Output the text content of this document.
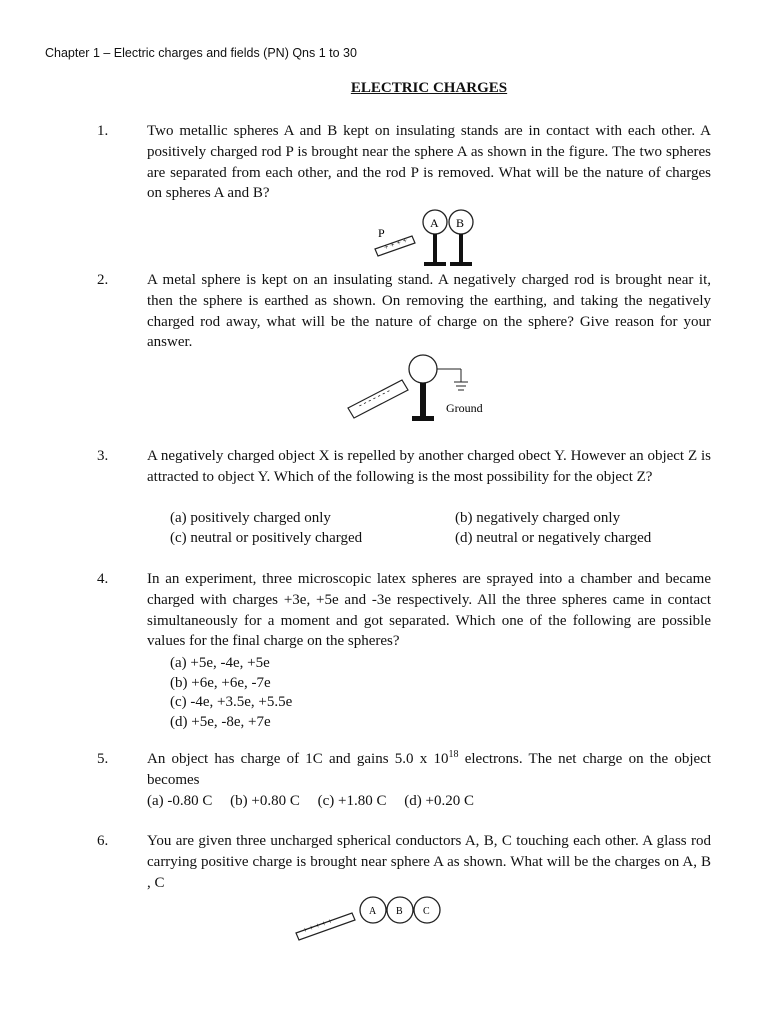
Chapter 1 – Electric charges and fields (PN) Qns 1 to 30
ELECTRIC CHARGES
1.	Two metallic spheres A and B kept on insulating stands are in contact with each other. A positively charged rod P is brought near the sphere A as shown in the figure. The two spheres are separated from each other, and the rod P is removed. What will be the nature of charges on spheres A and B?
+ + + +
P
A B
2.	A metal sphere is kept on an insulating stand. A negatively charged rod is brought near it, then the sphere is earthed as shown. On removing the earthing, and taking the negatively charged rod away, what will be the nature of charge on the sphere? Give reason for your answer.
- - - - - - -	Ground
3.	A negatively charged object X is repelled by another charged obect Y. However an object Z is attracted to object Y. Which of the following is the most possibility for the object Z?
(a) positively charged only	(b) negatively charged only
(c) neutral or positively charged	(d) neutral or negatively charged
4.	In an experiment, three microscopic latex spheres are sprayed into a chamber and became charged with charges +3e, +5e and -3e respectively. All the three spheres came in contact simultaneously for a moment and got separated. Which one of the following are possible values for the final charge on the spheres?
(a) +5e, -4e, +5e
(b) +6e, +6e, -7e
(c) -4e, +3.5e, +5.5e
(d) +5e, -8e, +7e
5.	An object has charge of 1C and gains 5.0 x $10^{18}$ electrons. The net charge on the object becomes
(a) -0.80 C (b) +0.80 C (c) +1.80 C (d) +0.20 C
6.	You are given three uncharged spherical conductors A, B, C touching each other. A glass rod carrying positive charge is brought near sphere A as shown. What will be the charges on A, B , C
+ + + + +
A B C
